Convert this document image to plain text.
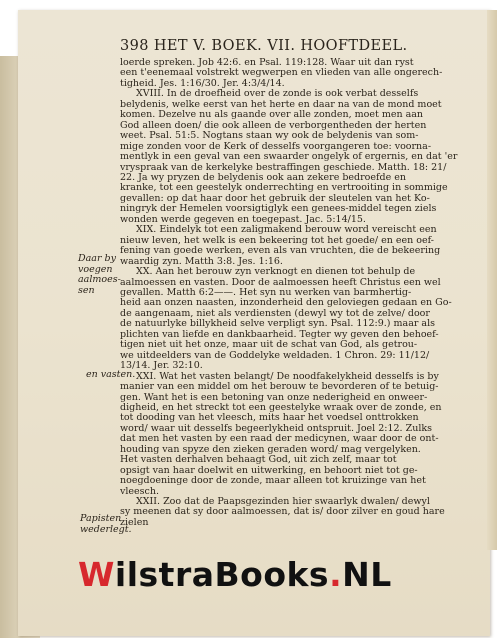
398 HET V. BOEK. VII. HOOFTDEEL.
loerde spreken. Job 42:6. en Psal. 119:128. Waar uit dan ryst
een t'eenemaal volstrekt wegwerpen en vlieden van alle ongerech-
tigheid. Jes. 1:16/30. Jer. 4:3/4/14.
XVIII. In de droefheid over de zonde is ook verbat desselfs
belydenis, welke eerst van het herte en daar na van de mond moet
komen. Dezelve nu als gaande over alle zonden, moet men aan
God alleen doen/ die ook alleen de verborgentheden der herten
weet. Psal. 51:5. Nogtans staan wy ook de belydenis van som-
mige zonden voor de Kerk of desselfs voorgangeren toe: voorna-
mentlyk in een geval van een swaarder ongelyk of ergernis, en dat 'er
vryspraak van de kerkelyke bestraffingen geschiede. Matth. 18: 21/
22. Ja wy pryzen de belydenis ook aan zekere bedroefde en
kranke, tot een geestelyk onderrechting en vertrooiting in sommige
gevallen: op dat haar door het gebruik der sleutelen van het Ko-
ningryk der Hemelen voorsigtiglyk een genees-middel tegen ziels
wonden werde gegeven en toegepast. Jac. 5:14/15.
XIX. Eindelyk tot een zaligmakend berouw word vereischt een
nieuw leven, het welk is een bekeering tot het goede/ en een oef-
fening van goede werken, even als van vruchten, die de bekeering
waardig zyn. Matth 3:8. Jes. 1:16.
XX. Aan het berouw zyn verknogt en dienen tot behulp de
aalmoessen en vasten. Door de aalmoessen heeft Christus een wel
gevallen. Matth 6:2——. Het syn nu werken van barmhertig-
heid aan onzen naasten, inzonderheid den geloviegen gedaan en Go-
de aangenaam, niet als verdiensten (dewyl wy tot de zelve/ door
de natuurlyke billykheid selve verpligt syn. Psal. 112:9.) maar als
plichten van liefde en dankbaarheid. Tegter wy geven den behoef-
tigen niet uit het onze, maar uit de schat van God, als getrou-
we uitdeelders van de Goddelyke weldaden. 1 Chron. 29: 11/12/
13/14. Jer. 32:10.
XXI. Wat het vasten belangt/ De noodfakelykheid desselfs is by
manier van een middel om het berouw te bevorderen of te betuig-
gen. Want het is een betoning van onze nederigheid en onweer-
digheid, en het streckt tot een geestelyke wraak over de zonde, en
tot dooding van het vleesch, mits haar het voedsel onttrokken
word/ waar uit desselfs begeerlykheid ontspruit. Joel 2:12. Zulks
dat men het vasten by een raad der medicynen, waar door de ont-
houding van spyze den zieken geraden word/ mag vergelyken.
Het vasten derhalven behaagt God, uit zich zelf, maar tot
opsigt van haar doelwit en uitwerking, en behoort niet tot ge-
noegdoeninge door de zonde, maar alleen tot kruizinge van het
vleesch.
XXII. Zoo dat de Paapsgezinden hier swaarlyk dwalen/ dewyl
sy meenen dat sy door aalmoessen, dat is/ door zilver en goud hare
zielen
Daar by
voegen
aalmoes-
sen
en vasten.
Papisten
wederlegt.
WilstraBooks.NL
